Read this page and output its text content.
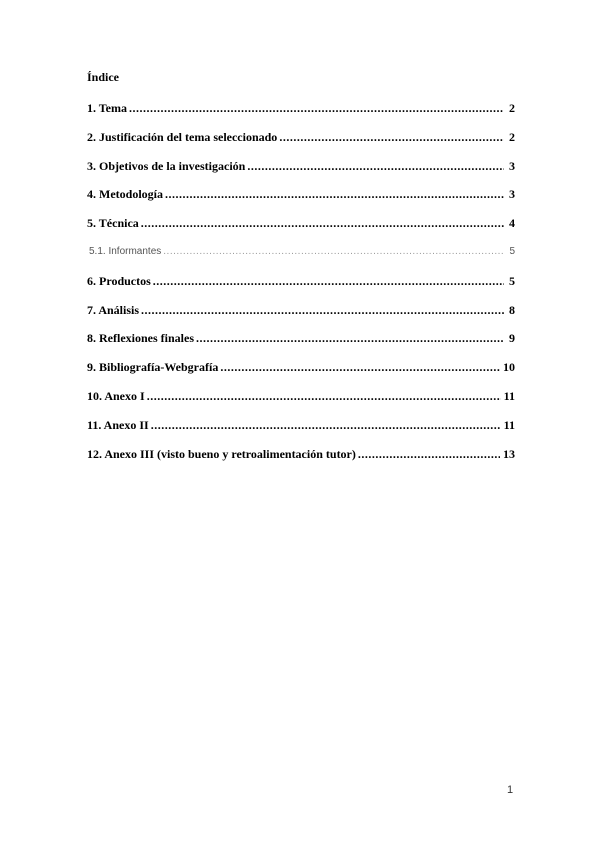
Índice
1. Tema .....	2
2. Justificación del tema seleccionado .....	2
3. Objetivos de la investigación .....	3
4. Metodología .....	3
5. Técnica .....	4
5.1. Informantes .....	5
6. Productos .....	5
7. Análisis .....	8
8. Reflexiones finales .....	9
9. Bibliografía-Webgrafía .....	10
10. Anexo I .....	11
11. Anexo II .....	11
12. Anexo III (visto bueno y retroalimentación tutor) .....	13
1
